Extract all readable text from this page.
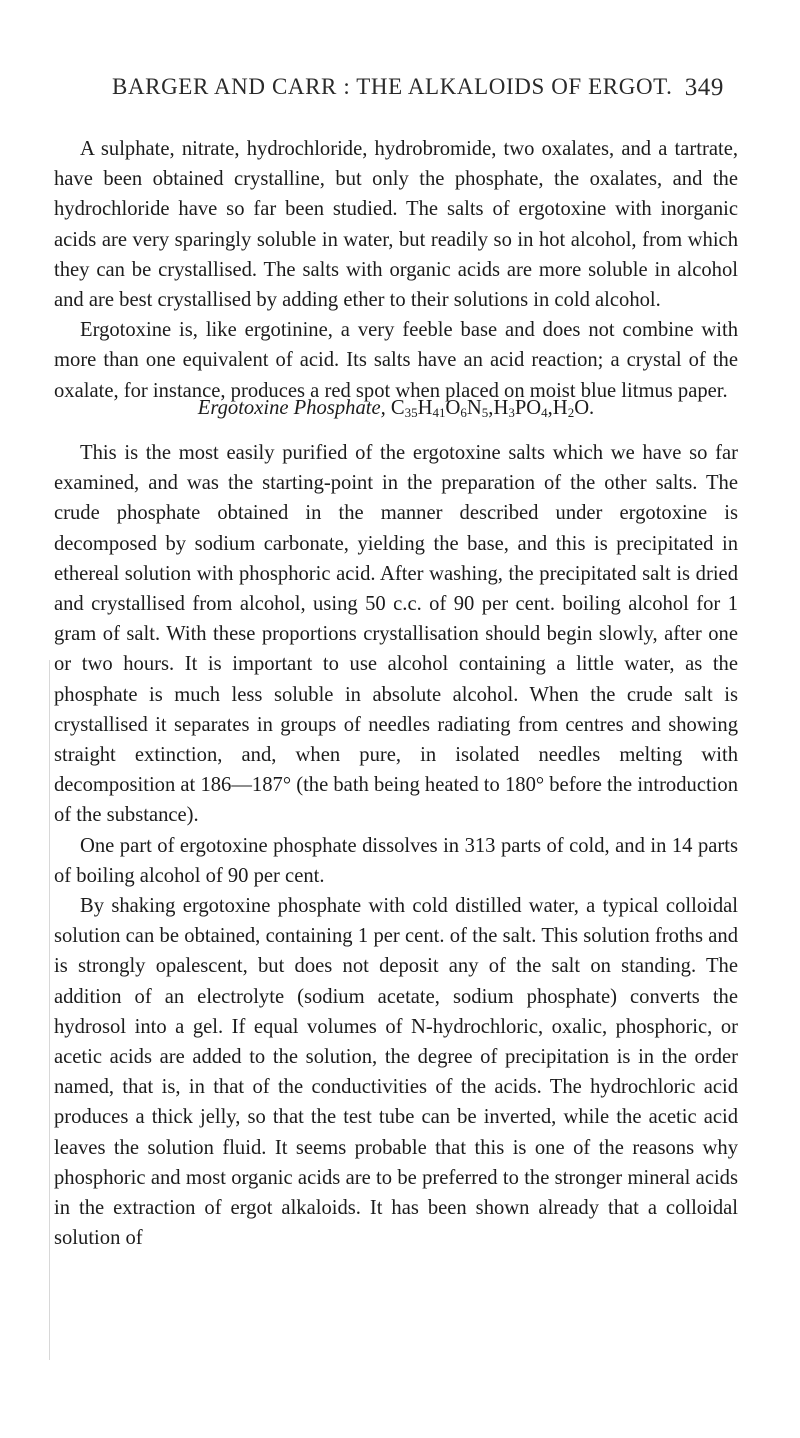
BARGER AND CARR : THE ALKALOIDS OF ERGOT. 349

A sulphate, nitrate, hydrochloride, hydrobromide, two oxalates, and a tartrate, have been obtained crystalline, but only the phosphate, the oxalates, and the hydrochloride have so far been studied. The salts of ergotoxine with inorganic acids are very sparingly soluble in water, but readily so in hot alcohol, from which they can be crystallised. The salts with organic acids are more soluble in alcohol and are best crystallised by adding ether to their solutions in cold alcohol.

Ergotoxine is, like ergotinine, a very feeble base and does not combine with more than one equivalent of acid. Its salts have an acid reaction; a crystal of the oxalate, for instance, produces a red spot when placed on moist blue litmus paper.

Ergotoxine Phosphate, $C_{35}H_{41}O_6N_5,H_3PO_4,H_2O$.

This is the most easily purified of the ergotoxine salts which we have so far examined, and was the starting-point in the preparation of the other salts. The crude phosphate obtained in the manner described under ergotoxine is decomposed by sodium carbonate, yielding the base, and this is precipitated in ethereal solution with phosphoric acid. After washing, the precipitated salt is dried and crystallised from alcohol, using 50 c.c. of 90 per cent. boiling alcohol for 1 gram of salt. With these proportions crystallisation should begin slowly, after one or two hours. It is important to use alcohol containing a little water, as the phosphate is much less soluble in absolute alcohol. When the crude salt is crystallised it separates in groups of needles radiating from centres and showing straight extinction, and, when pure, in isolated needles melting with decomposition at 186—187° (the bath being heated to 180° before the introduction of the substance).

One part of ergotoxine phosphate dissolves in 313 parts of cold, and in 14 parts of boiling alcohol of 90 per cent.

By shaking ergotoxine phosphate with cold distilled water, a typical colloidal solution can be obtained, containing 1 per cent. of the salt. This solution froths and is strongly opalescent, but does not deposit any of the salt on standing. The addition of an electrolyte (sodium acetate, sodium phosphate) converts the hydrosol into a gel. If equal volumes of N-hydrochloric, oxalic, phosphoric, or acetic acids are added to the solution, the degree of precipitation is in the order named, that is, in that of the conductivities of the acids. The hydrochloric acid produces a thick jelly, so that the test tube can be inverted, while the acetic acid leaves the solution fluid. It seems probable that this is one of the reasons why phosphoric and most organic acids are to be preferred to the stronger mineral acids in the extraction of ergot alkaloids. It has been shown already that a colloidal solution of
